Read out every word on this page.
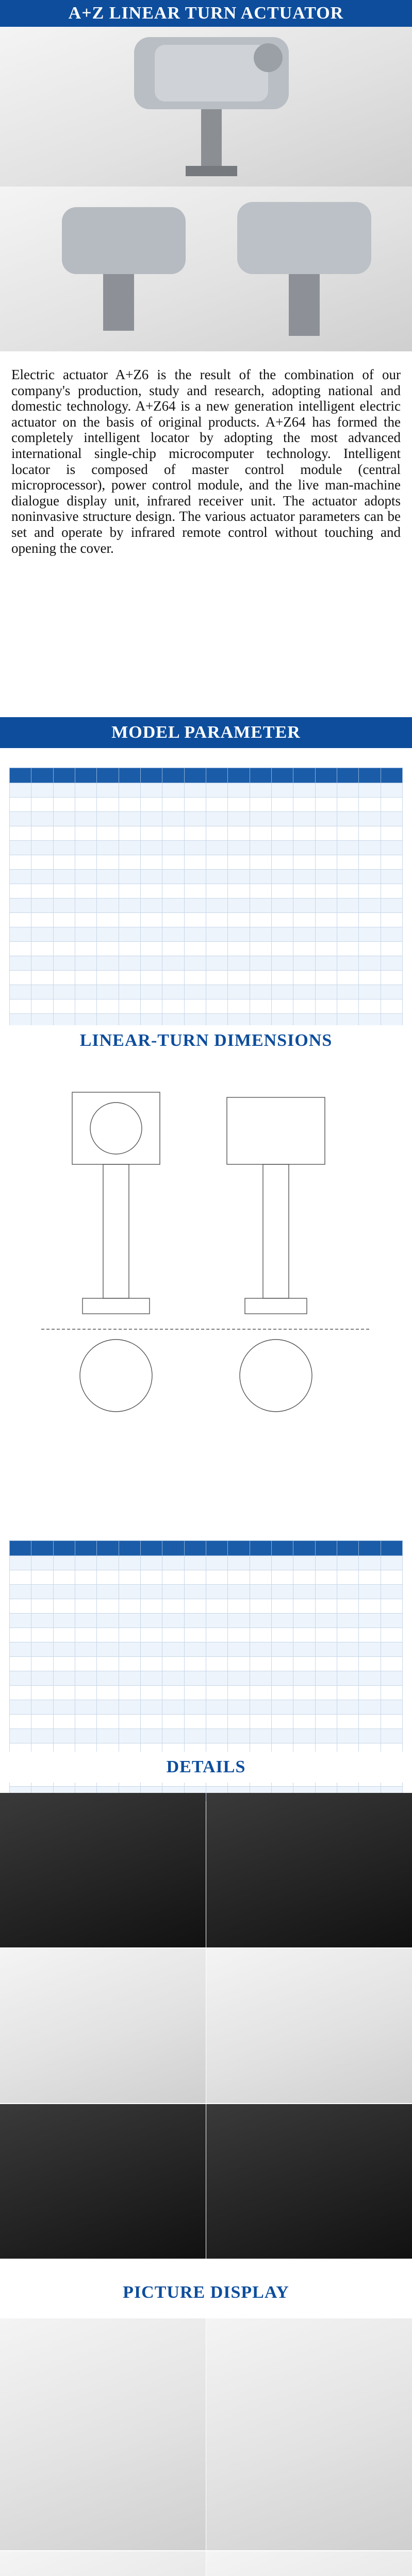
A+Z LINEAR TURN ACTUATOR
Electric actuator A+Z6 is the result of the combination of our company's production, study and research, adopting national and domestic technology. A+Z64 is a new generation intelligent electric actuator on the basis of original products. A+Z64 has formed the completely intelligent locator by adopting the most advanced international single-chip microcomputer technology. Intelligent locator is composed of master control module (central microprocessor), power control module, and the live man-machine dialogue display unit, infrared receiver unit. The actuator adopts noninvasive structure design. The various actuator parameters can be set and operate by infrared remote control without touching and opening the cover.
MODEL PARAMETER

LINEAR-TURN DIMENSIONS

DETAILS
PICTURE DISPLAY
